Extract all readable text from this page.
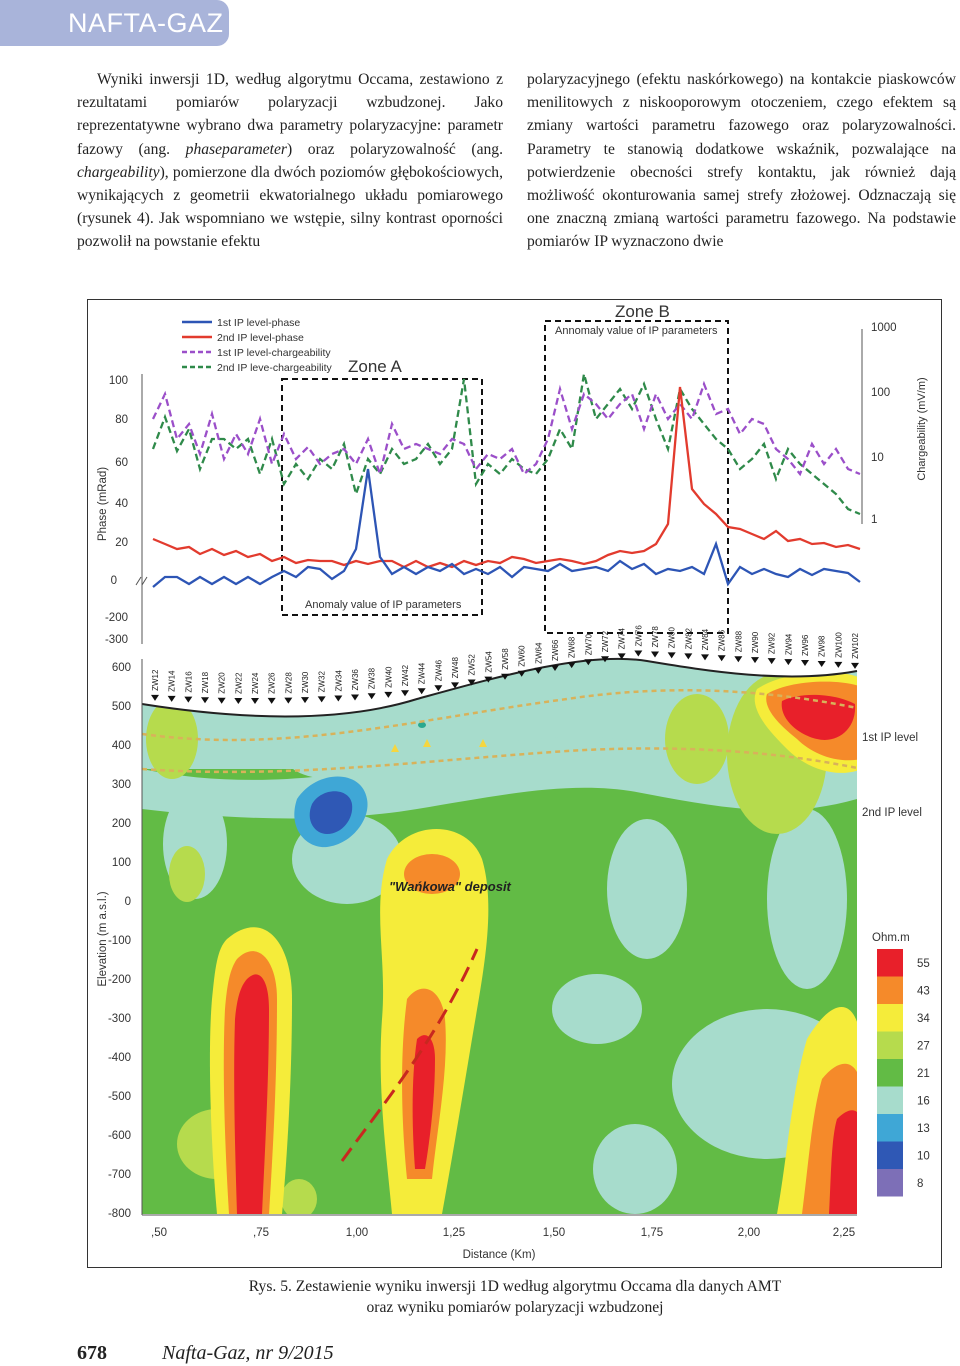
NAFTA-GAZ

Wyniki inwersji 1D, według algorytmu Occama, zestawiono z rezultatami pomiarów polaryzacji wzbudzonej. Jako reprezentatywne wybrano dwa parametry polaryzacyjne: parametr fazowy (ang. phaseparameter) oraz polaryzowalność (ang. chargeability), pomierzone dla dwóch poziomów głębokościowych, wynikających z geometrii ekwatorialnego układu pomiarowego (rysunek 4). Jak wspomniano we wstępie, silny kontrast oporności pozwolił na powstanie efektu

polaryzacyjnego (efektu naskórkowego) na kontakcie piaskowców menilitowych z niskooporowym otoczeniem, czego efektem są zmiany wartości parametru fazowego oraz polaryzowalności. Parametry te stanowią dodatkowe wskaźnik, pozwalające na potwierdzenie obecności strefy kontaktu, jak również dają możliwość okonturowania samej strefy złożowej. Odznaczają się one znaczną zmianą wartości parametru fazowego. Na podstawie pomiarów IP wyznaczono dwie

Zone A
Zone B
Anomaly value of IP parameters
Annomaly value of IP parameters
1st IP level-phase
2nd IP level-phase
1st IP level-chargeability
2nd IP leve-chargeability
Phase (mRad)
100
80
60
40
20
0
-200
-300
Chargeability (mV/m)
1000
100
10
1
Elevation (m a.s.l.)
600
500
400
300
200
100
0
-100
-200
-300
-400
-500
-600
-700
-800
,50	,75	1,00	1,25	1,50	1,75	2,00	2,25
Distance (Km)
ZW12 ZW14 ZW16 ZW18 ZW20 ZW22 ZW24 ZW26 ZW28 ZW30 ZW32 ZW34 ZW36 ZW38 ZW40 ZW42 ZW44 ZW46 ZW48 ZW52 ZW54 ZW58 ZW60 ZW64 ZW66 ZW68 ZW70 ZW72 ZW74 ZW76 ZW78 ZW80 ZW82 ZW84 ZW86 ZW88 ZW90 ZW92 ZW94 ZW96 ZW98 ZW100 ZW102
"Wańkowa" deposit
1st IP level
2nd IP level
Ohm.m
55
43
34
27
21
16
13
10
8
Rys. 5. Zestawienie wyniku inwersji 1D według algorytmu Occama dla danych AMT
oraz wyniku pomiarów polaryzacji wzbudzonej
678	Nafta-Gaz, nr 9/2015
